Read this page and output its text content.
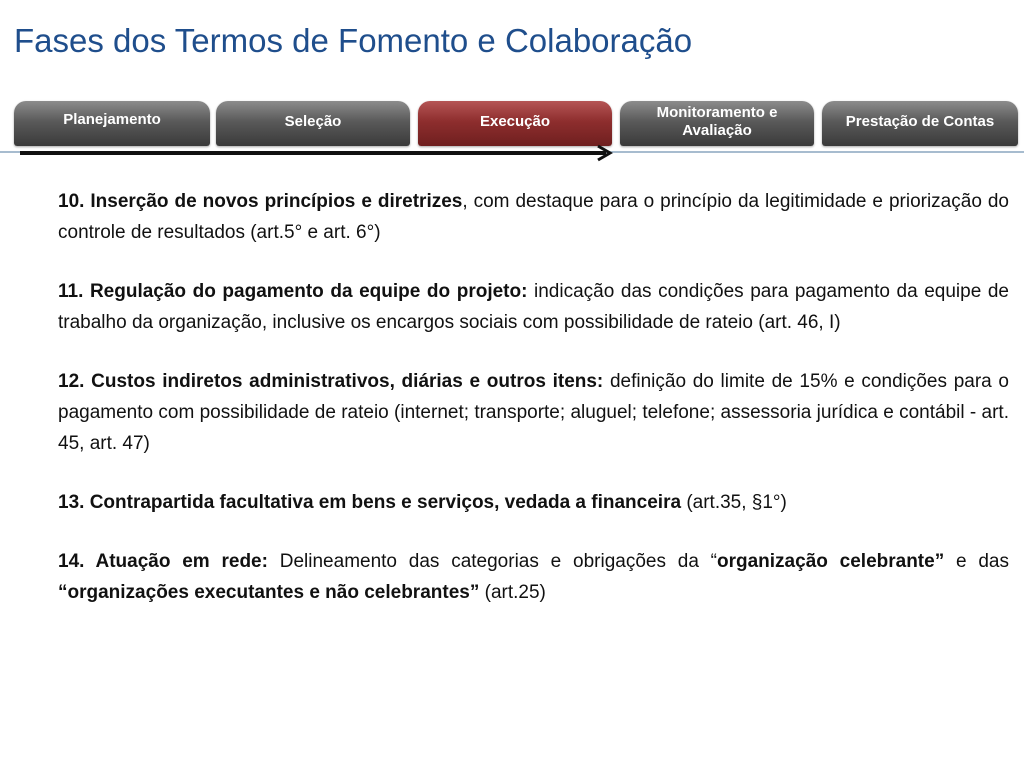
Fases dos Termos de Fomento e Colaboração
Planejamento	Seleção	Execução
Monitoramento e
Avaliação
Prestação de Contas

10. Inserção de novos princípios e diretrizes, com destaque para o princípio da legitimidade e priorização do controle de resultados (art.5° e art. 6°)

11. Regulação do pagamento da equipe do projeto: indicação das condições para pagamento da equipe de trabalho da organização, inclusive os encargos sociais com possibilidade de rateio (art. 46, I)

12. Custos indiretos administrativos, diárias e outros itens: definição do limite de 15% e condições para o pagamento com possibilidade de rateio (internet; transporte; aluguel; telefone; assessoria jurídica e contábil - art. 45, art. 47)

13. Contrapartida facultativa em bens e serviços, vedada a financeira (art.35, §1°)

14. Atuação em rede: Delineamento das categorias e obrigações da “organização celebrante” e das “organizações executantes e não celebrantes” (art.25)
